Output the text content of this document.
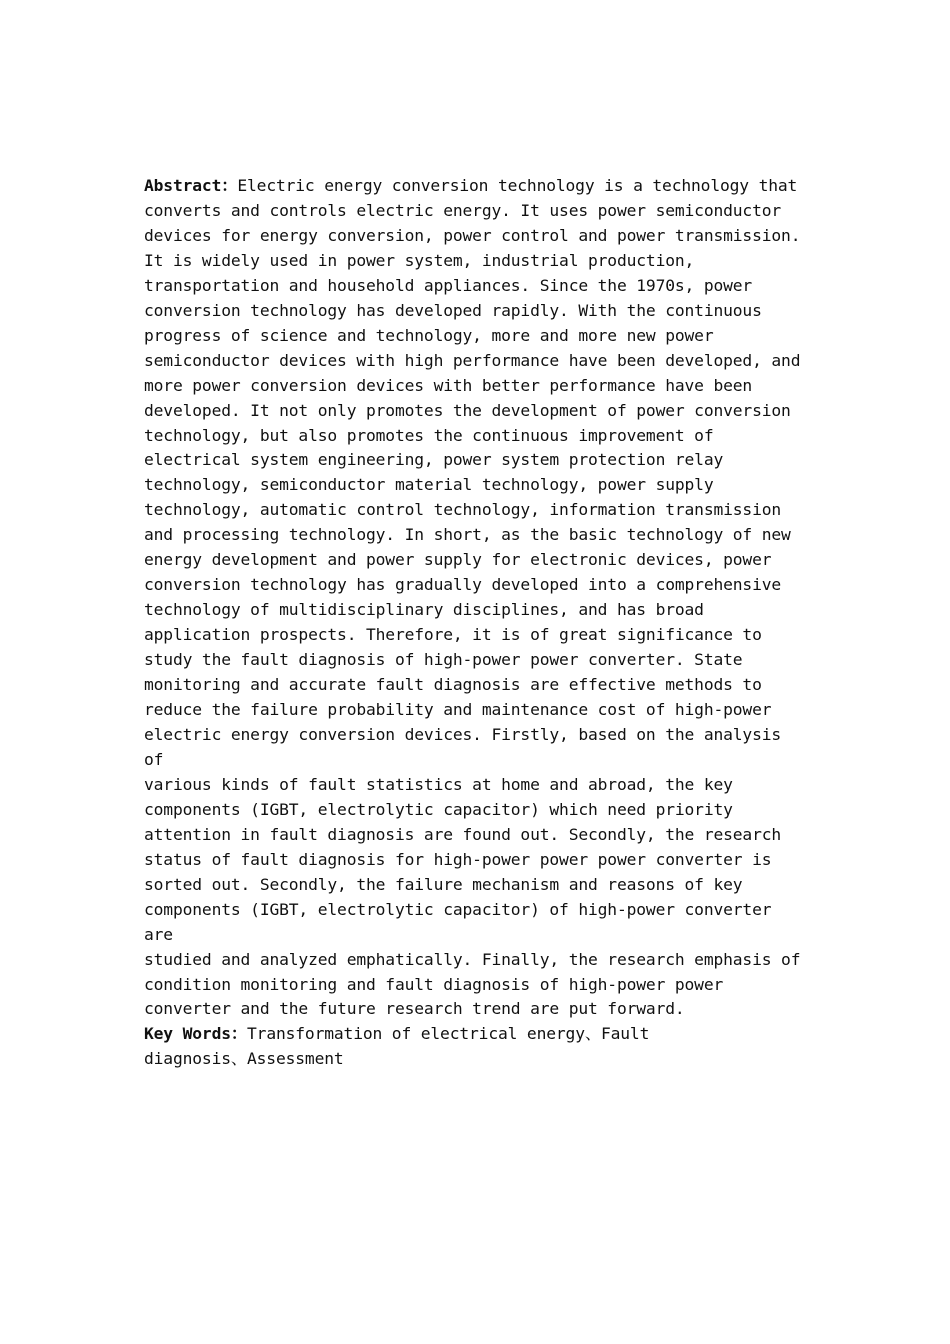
Abstract：Electric energy conversion technology is a technology that
converts and controls electric energy. It uses power semiconductor
devices for energy conversion, power control and power transmission.
It is widely used in power system, industrial production,
transportation and household appliances. Since the 1970s, power
conversion technology has developed rapidly. With the continuous
progress of science and technology, more and more new power
semiconductor devices with high performance have been developed, and
more power conversion devices with better performance have been
developed. It not only promotes the development of power conversion
technology, but also promotes the continuous improvement of
electrical system engineering, power system protection relay
technology, semiconductor material technology, power supply
technology, automatic control technology, information transmission
and processing technology. In short, as the basic technology of new
energy development and power supply for electronic devices, power
conversion technology has gradually developed into a comprehensive
technology of multidisciplinary disciplines, and has broad
application prospects. Therefore, it is of great significance to
study the fault diagnosis of high-power power converter. State
monitoring and accurate fault diagnosis are effective methods to
reduce the failure probability and maintenance cost of high-power
electric energy conversion devices. Firstly, based on the analysis of
various kinds of fault statistics at home and abroad, the key
components (IGBT, electrolytic capacitor) which need priority
attention in fault diagnosis are found out. Secondly, the research
status of fault diagnosis for high-power power power converter is
sorted out. Secondly, the failure mechanism and reasons of key
components (IGBT, electrolytic capacitor) of high-power converter are
studied and analyzed emphatically. Finally, the research emphasis of
condition monitoring and fault diagnosis of high-power power
converter and the future research trend are put forward.

Key Words：Transformation of electrical energy、Fault
diagnosis、Assessment
